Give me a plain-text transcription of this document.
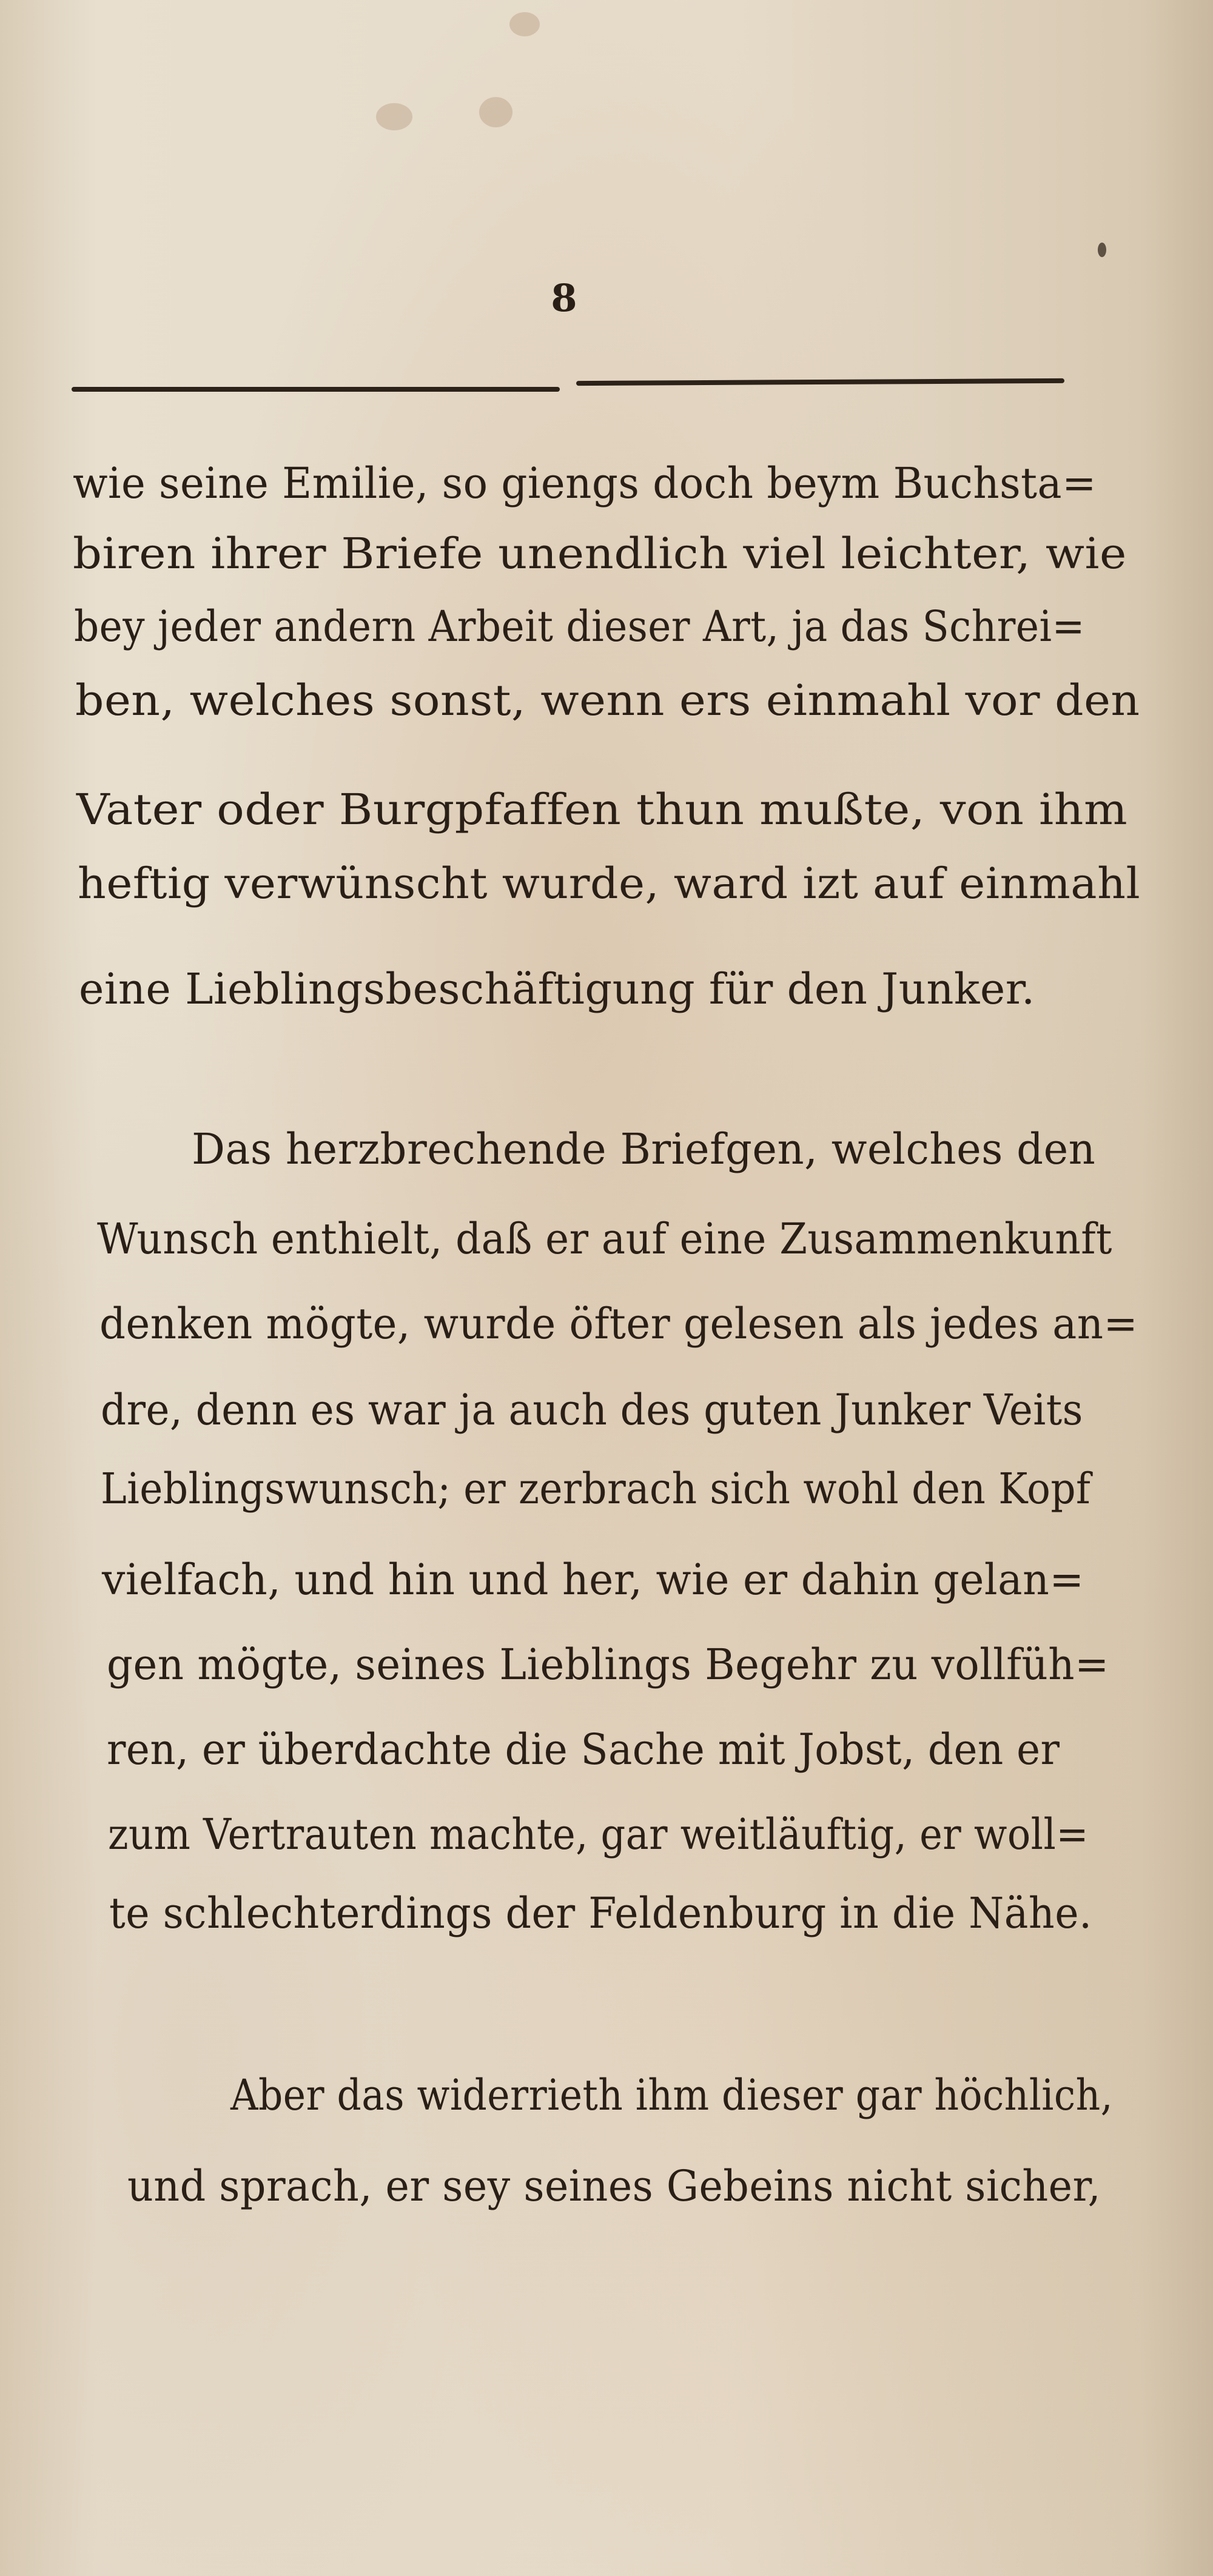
8
wie seine Emilie, so giengs doch beym Buchsta=
biren ihrer Briefe unendlich viel leichter, wie
bey jeder andern Arbeit dieser Art, ja das Schrei=
ben, welches sonst, wenn ers einmahl vor den
Vater oder Burgpfaffen thun mußte, von ihm
heftig verwünscht wurde, ward izt auf einmahl
eine Lieblingsbeschäftigung für den Junker.
Das herzbrechende Briefgen, welches den
Wunsch enthielt, daß er auf eine Zusammenkunft
denken mögte, wurde öfter gelesen als jedes an=
dre, denn es war ja auch des guten Junker Veits
Lieblingswunsch; er zerbrach sich wohl den Kopf
vielfach, und hin und her, wie er dahin gelan=
gen mögte, seines Lieblings Begehr zu vollfüh=
ren, er überdachte die Sache mit Jobst, den er
zum Vertrauten machte, gar weitläuftig, er woll=
te schlechterdings der Feldenburg in die Nähe.
Aber das widerrieth ihm dieser gar höchlich,
und sprach, er sey seines Gebeins nicht sicher,
